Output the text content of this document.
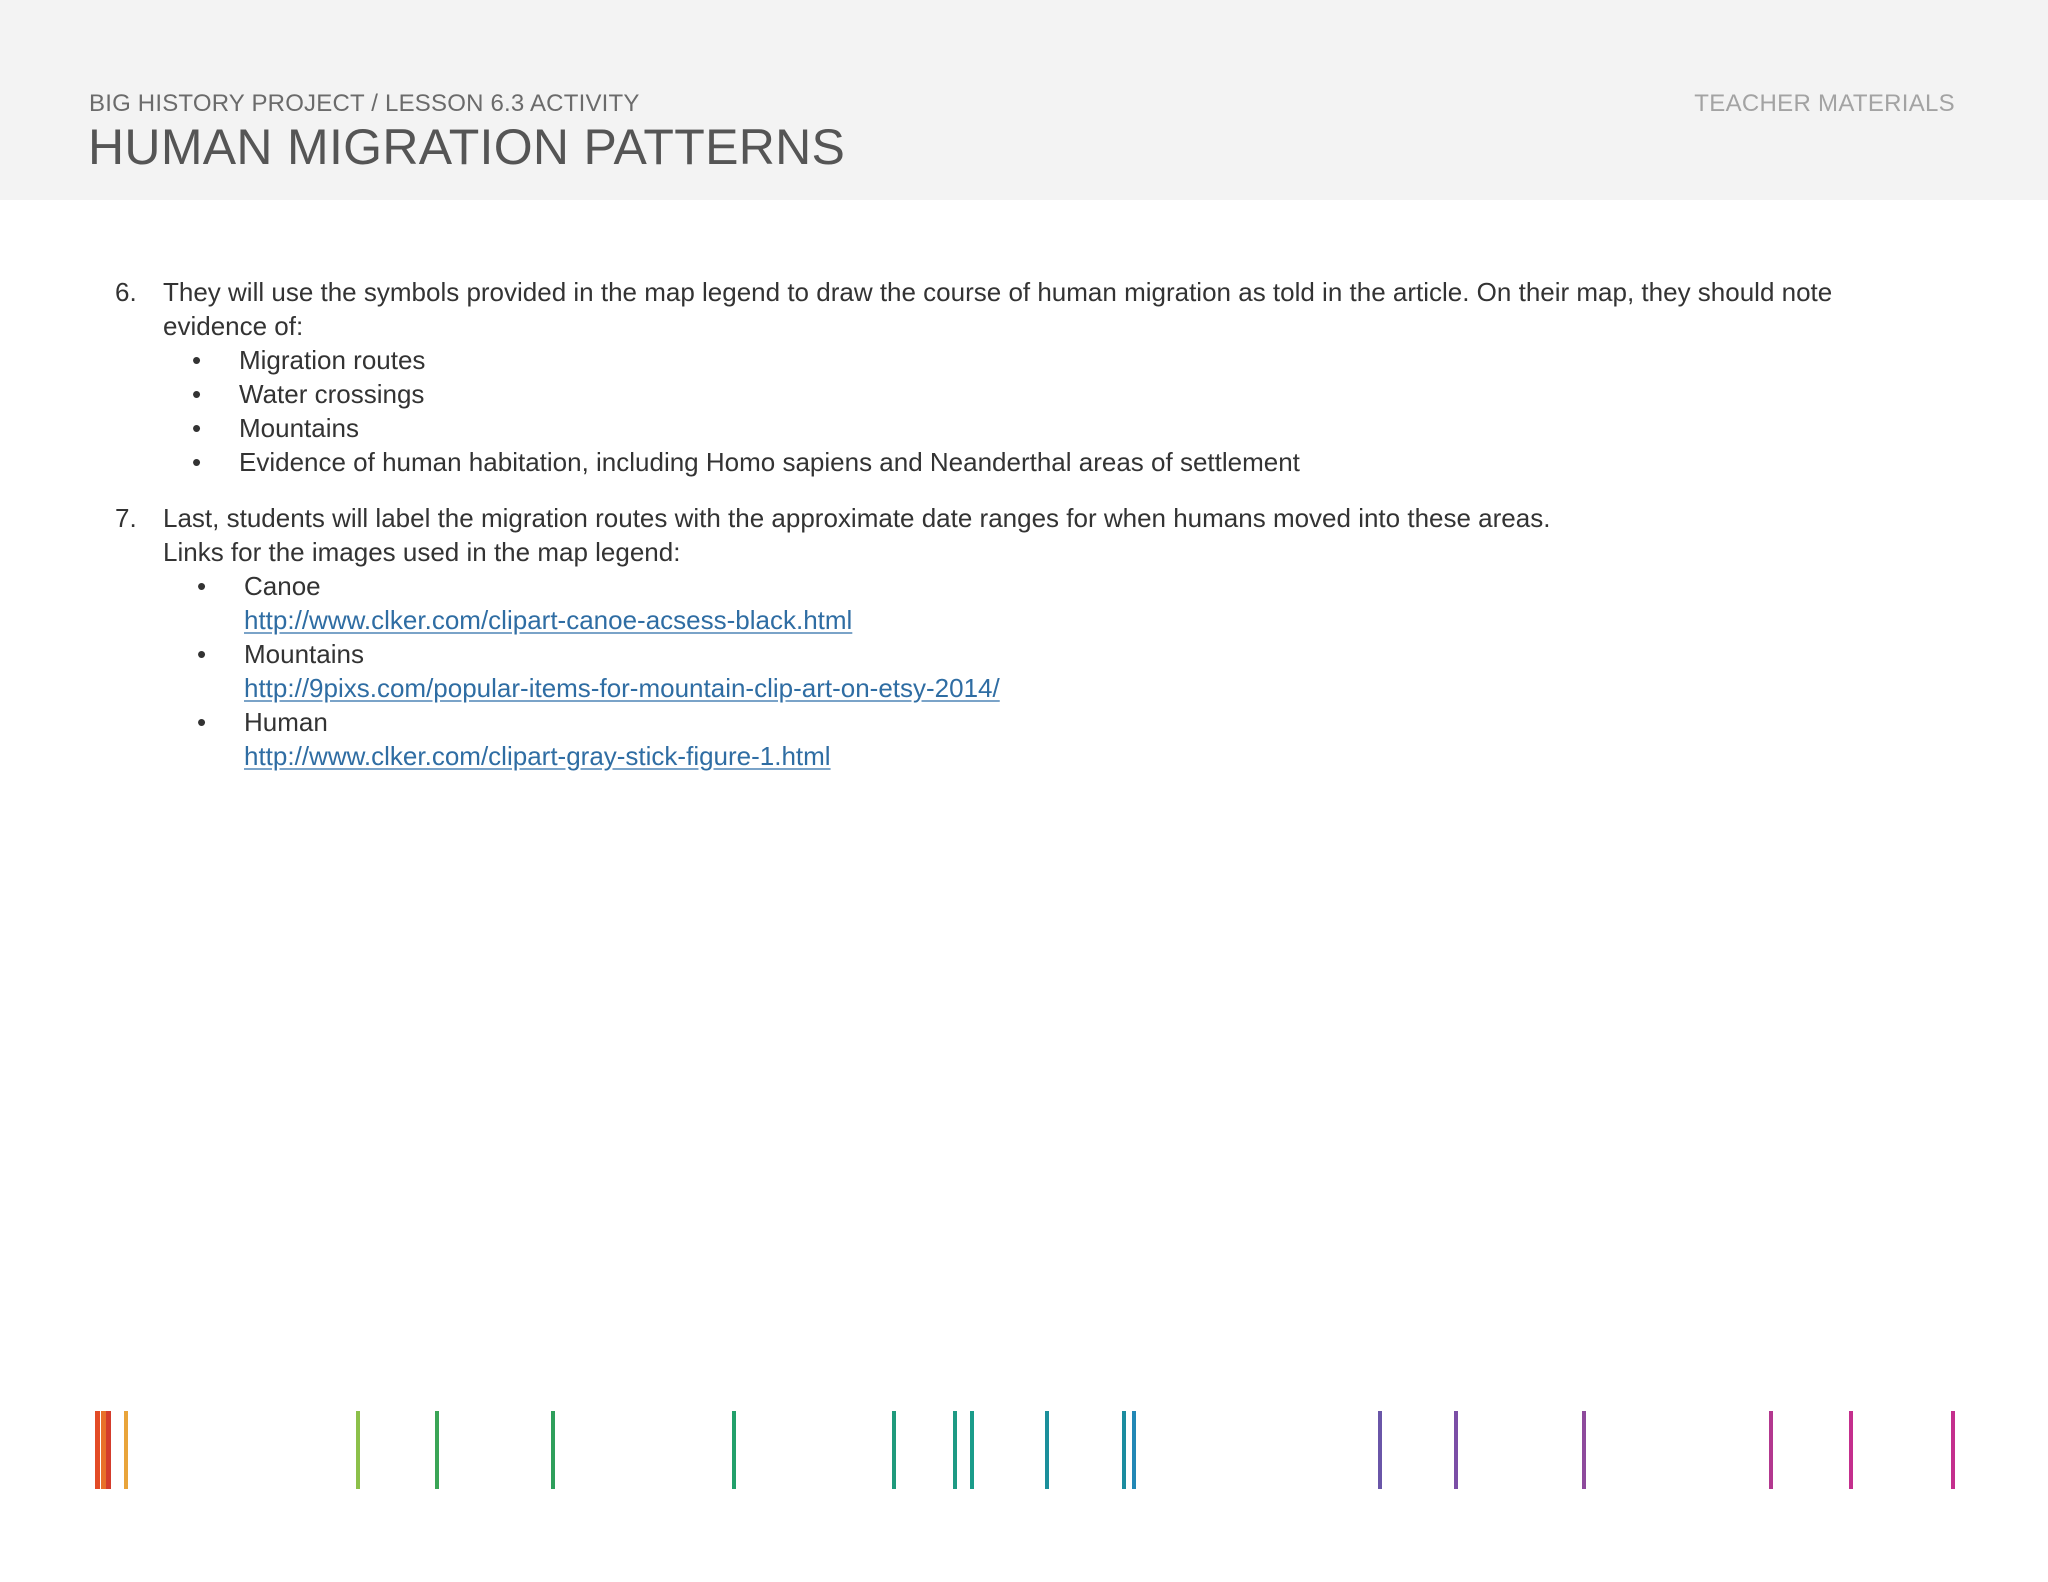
BIG HISTORY PROJECT / LESSON 6.3 ACTIVITY
HUMAN MIGRATION PATTERNS
TEACHER MATERIALS
6. They will use the symbols provided in the map legend to draw the course of human migration as told in the article. On their map, they should note evidence of:
• Migration routes
• Water crossings
• Mountains
• Evidence of human habitation, including Homo sapiens and Neanderthal areas of settlement
7. Last, students will label the migration routes with the approximate date ranges for when humans moved into these areas.
Links for the images used in the map legend:
• Canoe
http://www.clker.com/clipart-canoe-acsess-black.html
• Mountains
http://9pixs.com/popular-items-for-mountain-clip-art-on-etsy-2014/
• Human
http://www.clker.com/clipart-gray-stick-figure-1.html
